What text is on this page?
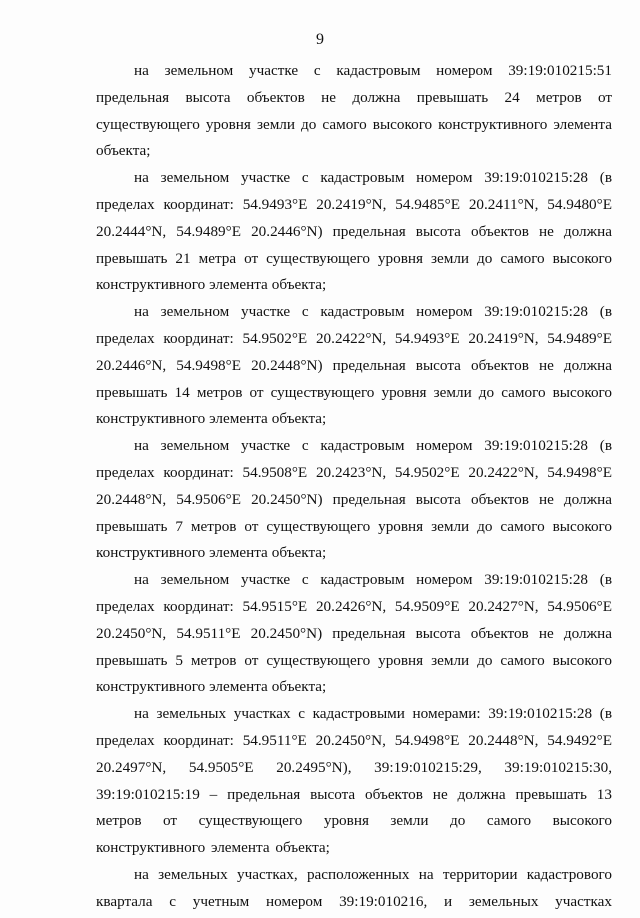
9

на земельном участке с кадастровым номером 39:19:010215:51 предельная высота объектов не должна превышать 24 метров от существующего уровня земли до самого высокого конструктивного элемента объекта;

на земельном участке с кадастровым номером 39:19:010215:28 (в пределах координат: 54.9493°E 20.2419°N, 54.9485°E 20.2411°N, 54.9480°E 20.2444°N, 54.9489°E 20.2446°N) предельная высота объектов не должна превышать 21 метра от существующего уровня земли до самого высокого конструктивного элемента объекта;

на земельном участке с кадастровым номером 39:19:010215:28 (в пределах координат: 54.9502°E 20.2422°N, 54.9493°E 20.2419°N, 54.9489°E 20.2446°N, 54.9498°E 20.2448°N) предельная высота объектов не должна превышать 14 метров от существующего уровня земли до самого высокого конструктивного элемента объекта;

на земельном участке с кадастровым номером 39:19:010215:28 (в пределах координат: 54.9508°E 20.2423°N, 54.9502°E 20.2422°N, 54.9498°E 20.2448°N, 54.9506°E 20.2450°N) предельная высота объектов не должна превышать 7 метров от существующего уровня земли до самого высокого конструктивного элемента объекта;

на земельном участке с кадастровым номером 39:19:010215:28 (в пределах координат: 54.9515°E 20.2426°N, 54.9509°E 20.2427°N, 54.9506°E 20.2450°N, 54.9511°E 20.2450°N) предельная высота объектов не должна превышать 5 метров от существующего уровня земли до самого высокого конструктивного элемента объекта;

на земельных участках с кадастровыми номерами: 39:19:010215:28 (в пределах координат: 54.9511°E 20.2450°N, 54.9498°E 20.2448°N, 54.9492°E 20.2497°N, 54.9505°E 20.2495°N), 39:19:010215:29, 39:19:010215:30, 39:19:010215:19 – предельная высота объектов не должна превышать 13 метров от существующего уровня земли до самого высокого конструктивного элемента объекта;

на земельных участках, расположенных на территории кадастрового квартала с учетным номером 39:19:010216, и земельных участках
